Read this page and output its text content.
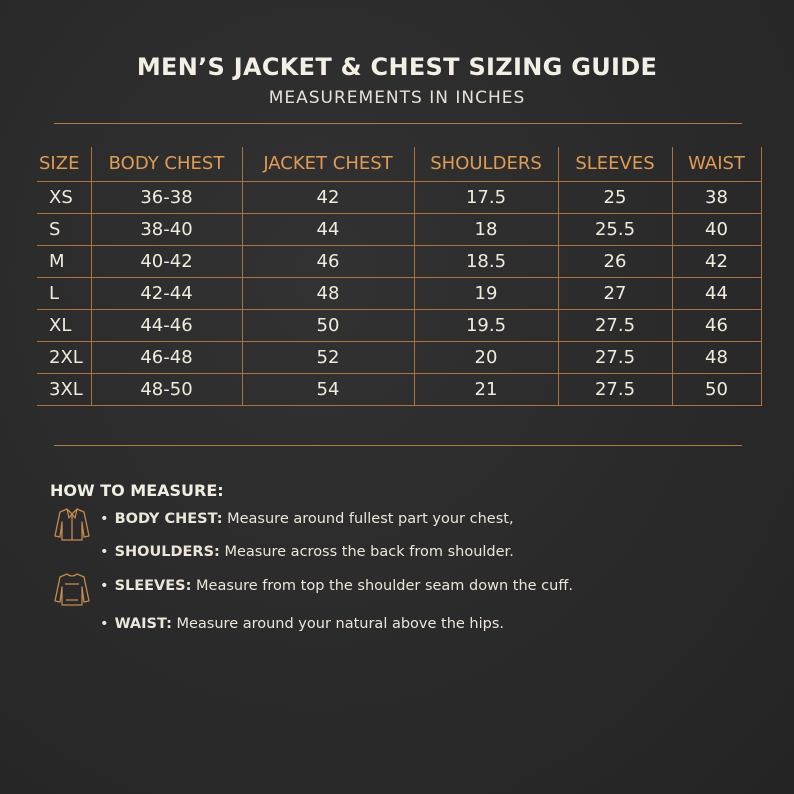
MEN’S JACKET & CHEST SIZING GUIDE
MEASUREMENTS IN INCHES
SIZE	BODY CHEST	JACKET CHEST	SHOULDERS	SLEEVES	WAIST
XS	36-38	42	17.5	25	38
S	38-40	44	18	25.5	40
M	40-42	46	18.5	26	42
L	42-44	48	19	27	44
XL	44-46	50	19.5	27.5	46
2XL	46-48	52	20	27.5	48
3XL	48-50	54	21	27.5	50
HOW TO MEASURE:
• BODY CHEST: Measure around fullest part your chest,
• SHOULDERS: Measure across the back from shoulder.
• SLEEVES: Measure from top the shoulder seam down the cuff.
• WAIST: Measure around your natural above the hips.
